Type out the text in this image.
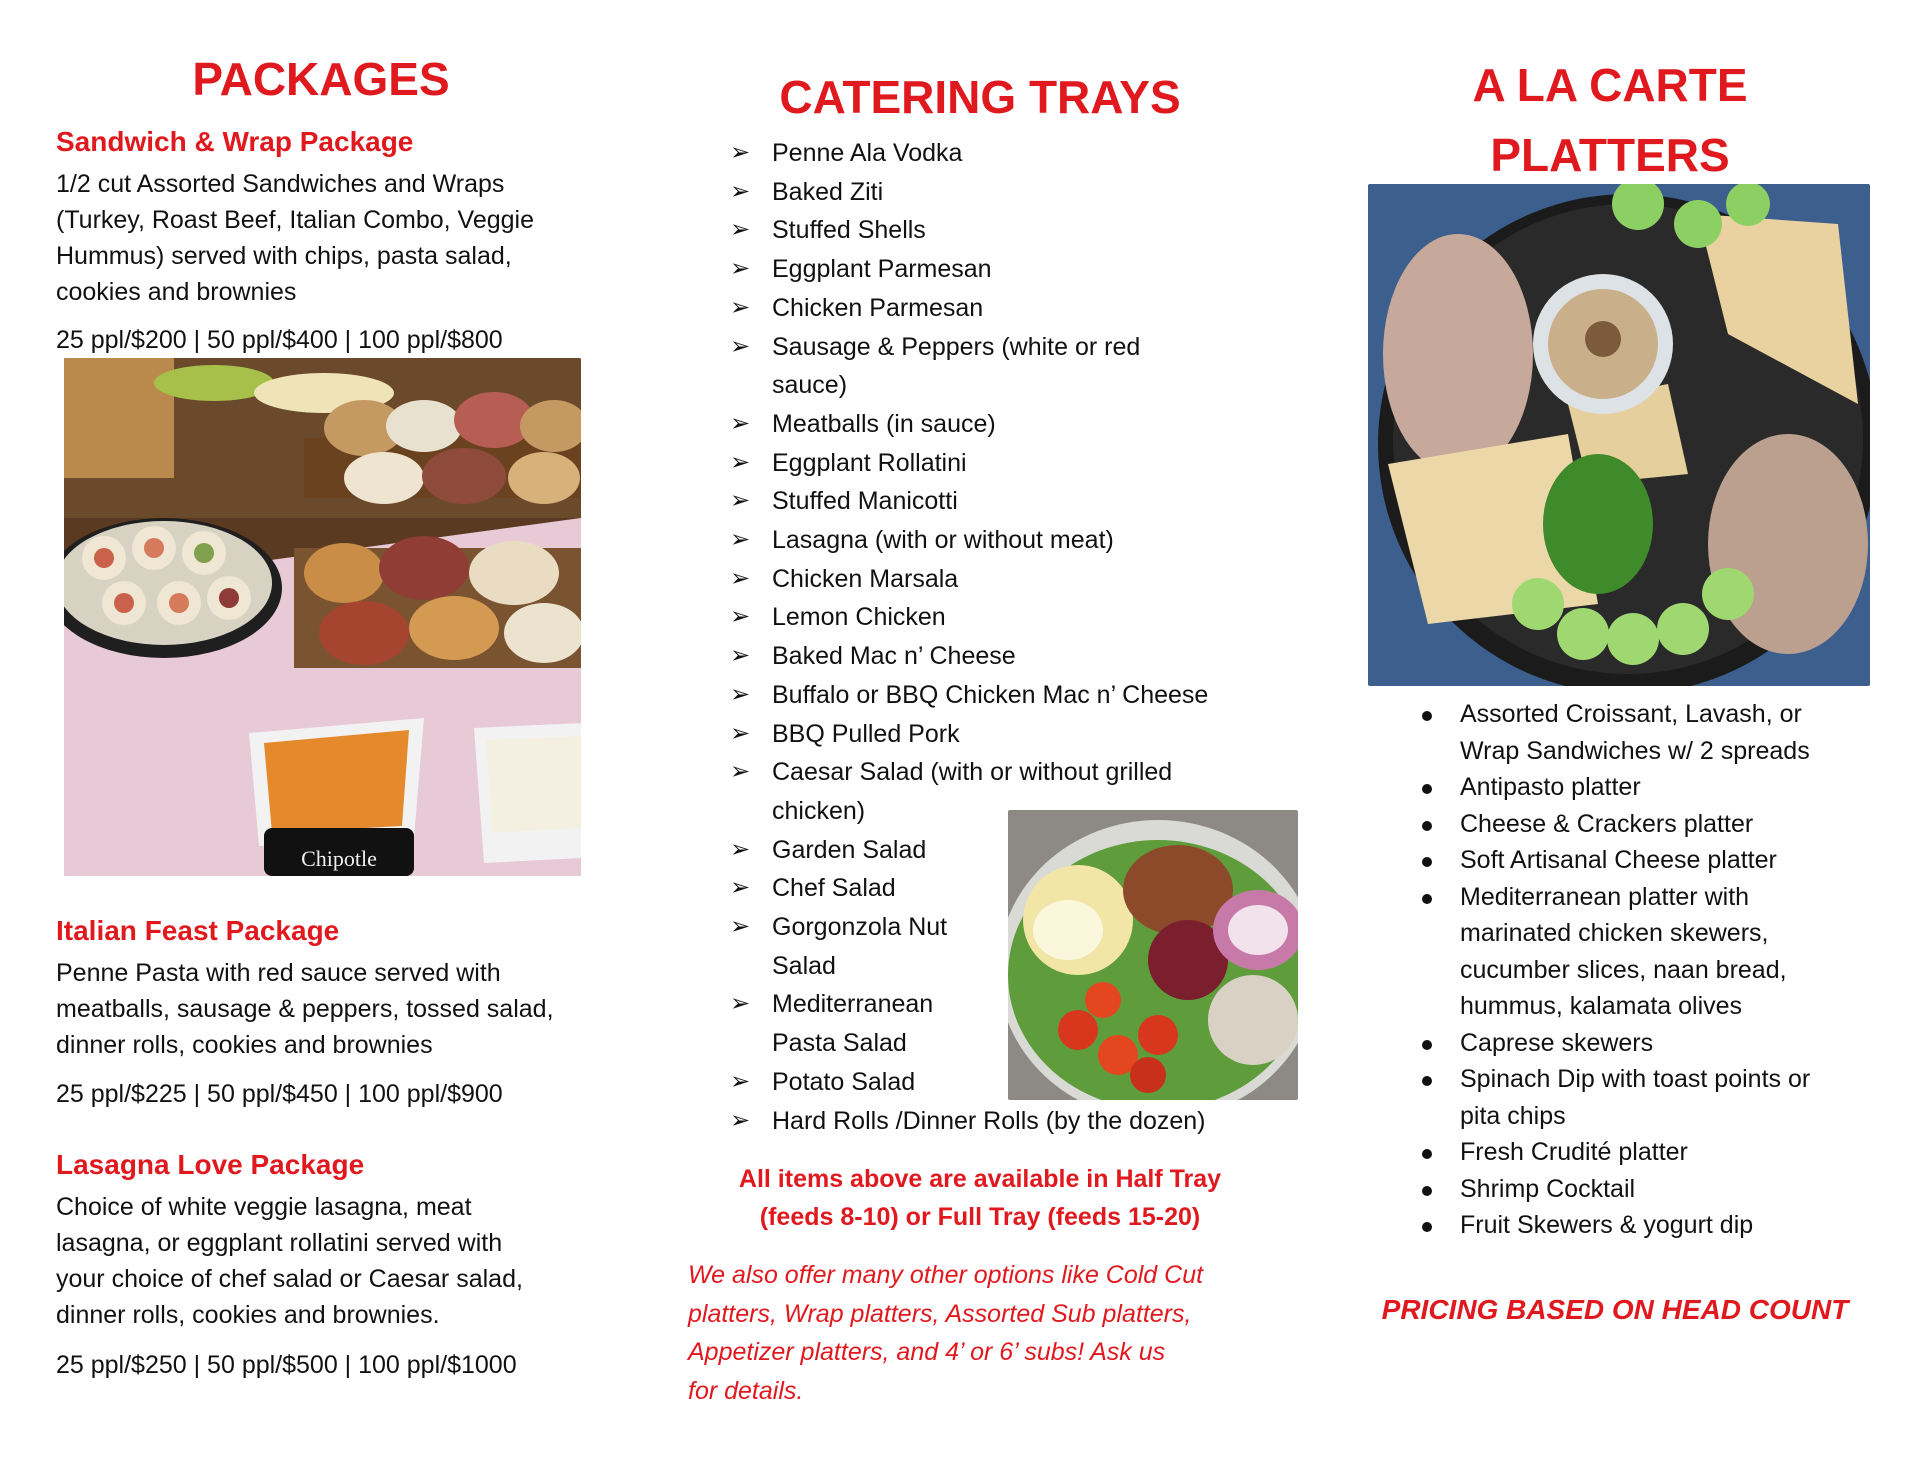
PACKAGES
Sandwich & Wrap Package

1/2 cut Assorted Sandwiches and Wraps

(Turkey, Roast Beef, Italian Combo, Veggie

Hummus) served with chips, pasta salad,

cookies and brownies

25 ppl/$200 | 50 ppl/$400 | 100 ppl/$800

Chipotle
Italian Feast Package

Penne Pasta with red sauce served with

meatballs, sausage & peppers, tossed salad,

dinner rolls, cookies and brownies

25 ppl/$225 | 50 ppl/$450 | 100 ppl/$900

Lasagna Love Package

Choice of white veggie lasagna, meat

lasagna, or eggplant rollatini served with

your choice of chef salad or Caesar salad,

dinner rolls, cookies and brownies.

25 ppl/$250 | 50 ppl/$500 | 100 ppl/$1000

CATERING TRAYS
➢ Penne Ala Vodka
➢ Baked Ziti
➢ Stuffed Shells
➢ Eggplant Parmesan
➢ Chicken Parmesan
➢ Sausage & Peppers (white or red
sauce)
➢ Meatballs (in sauce)
➢ Eggplant Rollatini
➢ Stuffed Manicotti
➢ Lasagna (with or without meat)
➢ Chicken Marsala
➢ Lemon Chicken
➢ Baked Mac n’ Cheese
➢ Buffalo or BBQ Chicken Mac n’ Cheese
➢ BBQ Pulled Pork
➢ Caesar Salad (with or without grilled
chicken)
➢ Garden Salad
➢ Chef Salad
➢ Gorgonzola Nut
Salad
➢ Mediterranean
Pasta Salad
➢ Potato Salad
➢ Hard Rolls /Dinner Rolls (by the dozen)
All items above are available in Half Tray
(feeds 8-10) or Full Tray (feeds 15-20)
We also offer many other options like Cold Cut
platters, Wrap platters, Assorted Sub platters,
Appetizer platters, and 4’ or 6’ subs! Ask us
for details.
A LA CARTE PLATTERS
Assorted Croissant, Lavash, or
Wrap Sandwiches w/ 2 spreads
Antipasto platter
Cheese & Crackers platter
Soft Artisanal Cheese platter
Mediterranean platter with
marinated chicken skewers,
cucumber slices, naan bread,
hummus, kalamata olives
Caprese skewers
Spinach Dip with toast points or
pita chips
Fresh Crudité platter
Shrimp Cocktail
Fruit Skewers & yogurt dip
PRICING BASED ON HEAD COUNT
